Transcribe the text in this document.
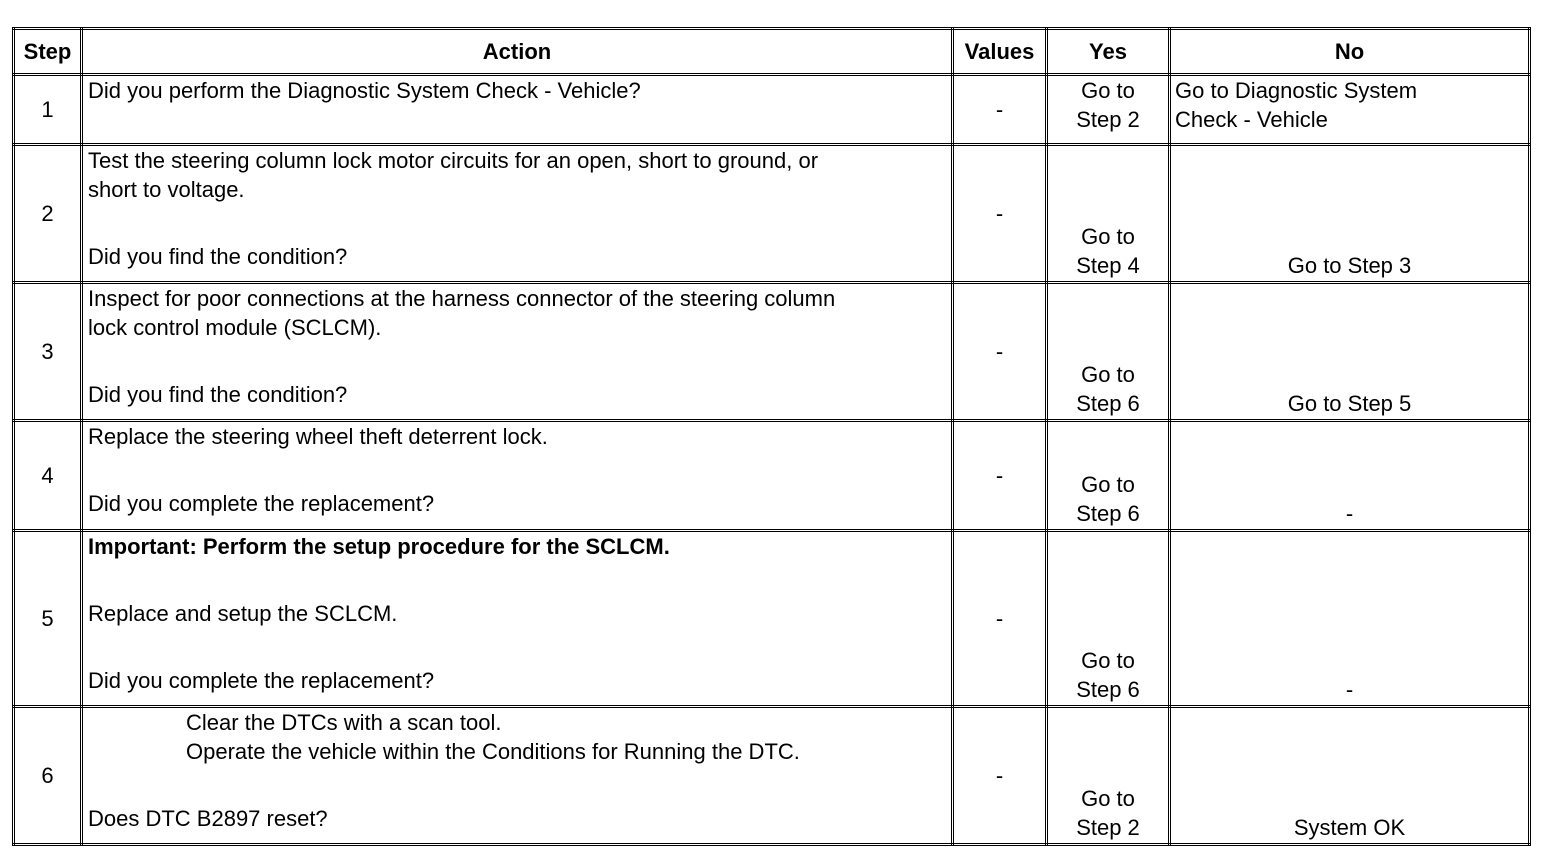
Step	Action	Values	Yes	No
1	Did you perform the Diagnostic System Check - Vehicle?	-	Go to
Step 2	Go to Diagnostic System
Check - Vehicle

2	Test the steering column lock motor circuits for an open, short to ground, or
short to voltage.
Did you find the condition?	-	Go to
Step 4	Go to Step 3

3	Inspect for poor connections at the harness connector of the steering column
lock control module (SCLCM).
Did you find the condition?	-	Go to
Step 6	Go to Step 5

4	Replace the steering wheel theft deterrent lock.
Did you complete the replacement?	-	Go to
Step 6	-

5	Important: Perform the setup procedure for the SCLCM.
Replace and setup the SCLCM.
Did you complete the replacement?	-	Go to
Step 6	-

6	Clear the DTCs with a scan tool.
Operate the vehicle within the Conditions for Running the DTC.
Does DTC B2897 reset?	-	Go to
Step 2	System OK
